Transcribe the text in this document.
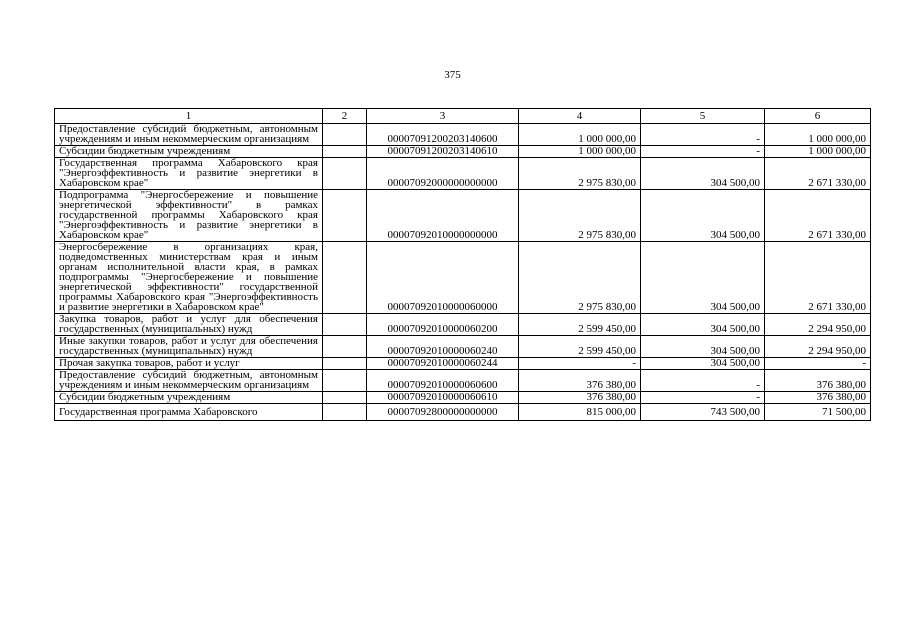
375
1	2	3	4	5	6
Предоставление субсидий бюджетным, автономным учреждениям и иным некоммерческим организациям		00007091200203140600	1 000 000,00	-	1 000 000,00
Субсидии бюджетным учреждениям		00007091200203140610	1 000 000,00	-	1 000 000,00
Государственная программа Хабаровского края "Энергоэффективность и развитие энергетики в Хабаровском крае"		00007092000000000000	2 975 830,00	304 500,00	2 671 330,00
Подпрограмма "Энергосбережение и повышение энергетической эффективности" в рамках государственной программы Хабаровского края "Энергоэффективность и развитие энергетики в Хабаровском крае"		00007092010000000000	2 975 830,00	304 500,00	2 671 330,00
Энергосбережение в организациях края, подведомственных министерствам края и иным органам исполнительной власти края, в рамках подпрограммы "Энергосбережение и повышение энергетической эффективности" государственной программы Хабаровского края "Энергоэффективность и развитие энергетики в Хабаровском крае"		00007092010000060000	2 975 830,00	304 500,00	2 671 330,00
Закупка товаров, работ и услуг для обеспечения государственных (муниципальных) нужд		00007092010000060200	2 599 450,00	304 500,00	2 294 950,00
Иные закупки товаров, работ и услуг для обеспечения государственных (муниципальных) нужд		00007092010000060240	2 599 450,00	304 500,00	2 294 950,00
Прочая закупка товаров, работ и услуг		00007092010000060244	-	304 500,00	-
Предоставление субсидий бюджетным, автономным учреждениям и иным некоммерческим организациям		00007092010000060600	376 380,00	-	376 380,00
Субсидии бюджетным учреждениям		00007092010000060610	376 380,00	-	376 380,00
Государственная программа Хабаровского		00007092800000000000	815 000,00	743 500,00	71 500,00
